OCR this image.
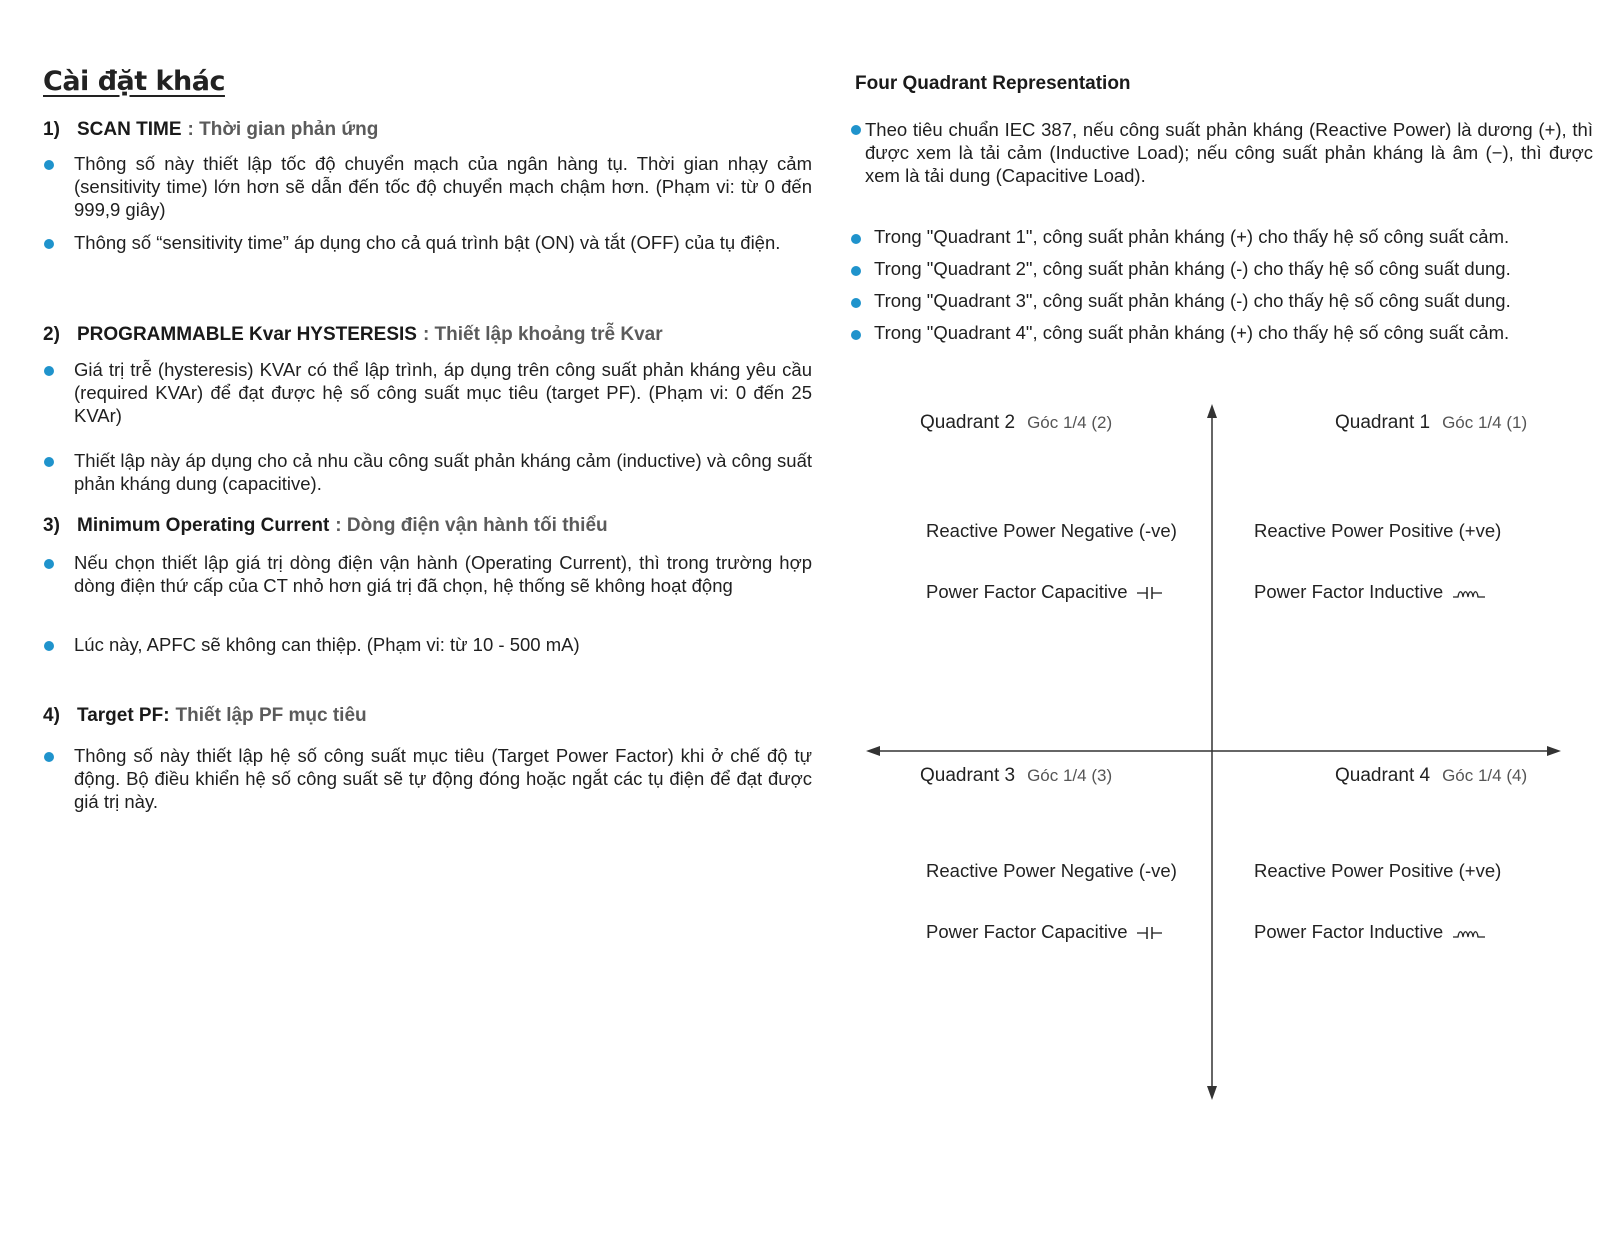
Cài đặt khác
1) SCAN TIME : Thời gian phản ứng
Thông số này thiết lập tốc độ chuyển mạch của ngân hàng tụ. Thời gian nhạy cảm (sensitivity time) lớn hơn sẽ dẫn đến tốc độ chuyển mạch chậm hơn. (Phạm vi: từ 0 đến 999,9 giây)
Thông số “sensitivity time” áp dụng cho cả quá trình bật (ON) và tắt (OFF) của tụ điện.
2) PROGRAMMABLE Kvar HYSTERESIS : Thiết lập khoảng trễ Kvar
Giá trị trễ (hysteresis) KVAr có thể lập trình, áp dụng trên công suất phản kháng yêu cầu (required KVAr) để đạt được hệ số công suất mục tiêu (target PF). (Phạm vi: 0 đến 25 KVAr)
Thiết lập này áp dụng cho cả nhu cầu công suất phản kháng cảm (inductive) và công suất phản kháng dung (capacitive).
3) Minimum Operating Current : Dòng điện vận hành tối thiểu
Nếu chọn thiết lập giá trị dòng điện vận hành (Operating Current), thì trong trường hợp dòng điện thứ cấp của CT nhỏ hơn giá trị đã chọn, hệ thống sẽ không hoạt động
Lúc này, APFC sẽ không can thiệp. (Phạm vi: từ 10 - 500 mA)
4) Target PF: Thiết lập PF mục tiêu
Thông số này thiết lập hệ số công suất mục tiêu (Target Power Factor) khi ở chế độ tự động. Bộ điều khiển hệ số công suất sẽ tự động đóng hoặc ngắt các tụ điện để đạt được giá trị này.
Four Quadrant Representation
Theo tiêu chuẩn IEC 387, nếu công suất phản kháng (Reactive Power) là dương (+), thì được xem là tải cảm (Inductive Load); nếu công suất phản kháng là âm (−), thì được xem là tải dung (Capacitive Load).
Trong "Quadrant 1", công suất phản kháng (+) cho thấy hệ số công suất cảm.
Trong "Quadrant 2", công suất phản kháng (-) cho thấy hệ số công suất dung.
Trong "Quadrant 3", công suất phản kháng (-) cho thấy hệ số công suất dung.
Trong "Quadrant 4", công suất phản kháng (+) cho thấy hệ số công suất cảm.
Quadrant 2 Góc 1/4 (2)
Reactive Power Negative (-ve)
Power Factor Capacitive
Quadrant 1 Góc 1/4 (1)
Reactive Power Positive (+ve)
Power Factor Inductive
Quadrant 3 Góc 1/4 (3)
Reactive Power Negative (-ve)
Power Factor Capacitive
Quadrant 4 Góc 1/4 (4)
Reactive Power Positive (+ve)
Power Factor Inductive
